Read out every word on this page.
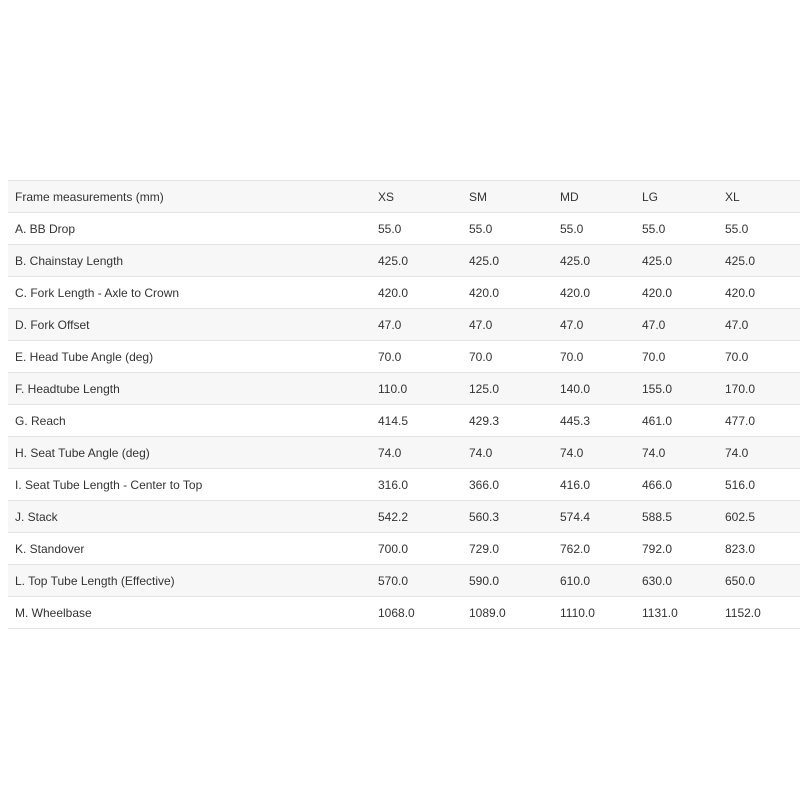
Frame measurements (mm)	XS	SM	MD	LG	XL
A. BB Drop	55.0	55.0	55.0	55.0	55.0
B. Chainstay Length	425.0	425.0	425.0	425.0	425.0
C. Fork Length - Axle to Crown	420.0	420.0	420.0	420.0	420.0
D. Fork Offset	47.0	47.0	47.0	47.0	47.0
E. Head Tube Angle (deg)	70.0	70.0	70.0	70.0	70.0
F. Headtube Length	110.0	125.0	140.0	155.0	170.0
G. Reach	414.5	429.3	445.3	461.0	477.0
H. Seat Tube Angle (deg)	74.0	74.0	74.0	74.0	74.0
I. Seat Tube Length - Center to Top	316.0	366.0	416.0	466.0	516.0
J. Stack	542.2	560.3	574.4	588.5	602.5
K. Standover	700.0	729.0	762.0	792.0	823.0
L. Top Tube Length (Effective)	570.0	590.0	610.0	630.0	650.0
M. Wheelbase	1068.0	1089.0	1110.0	1131.0	1152.0
